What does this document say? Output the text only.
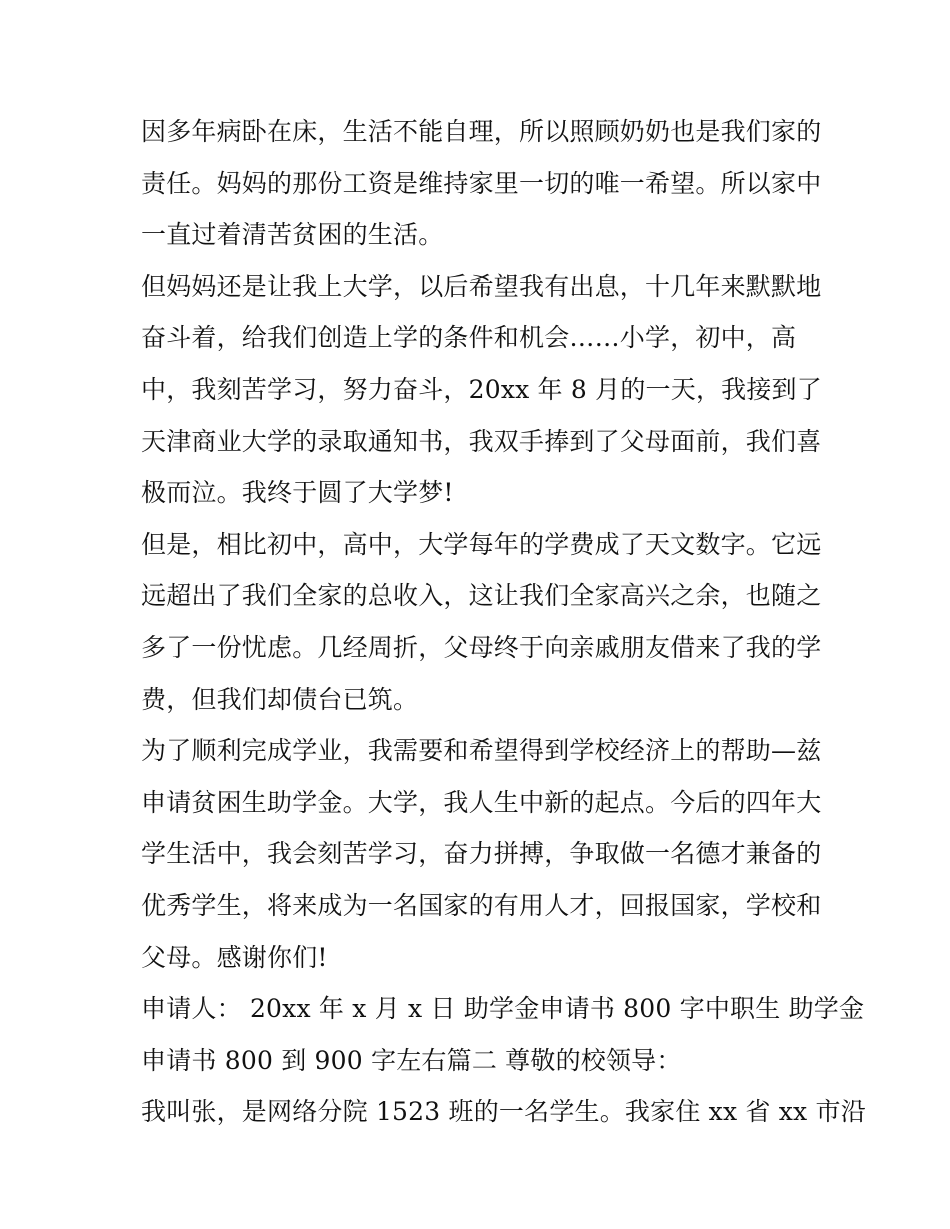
因多年病卧在床，生活不能自理，所以照顾奶奶也是我们家的
责任。妈妈的那份工资是维持家里一切的唯一希望。所以家中
一直过着清苦贫困的生活。
但妈妈还是让我上大学，以后希望我有出息，十几年来默默地
奋斗着，给我们创造上学的条件和机会……小学，初中，高
中，我刻苦学习，努力奋斗，20xx 年 8 月的一天，我接到了
天津商业大学的录取通知书，我双手捧到了父母面前，我们喜
极而泣。我终于圆了大学梦!
但是，相比初中，高中，大学每年的学费成了天文数字。它远
远超出了我们全家的总收入，这让我们全家高兴之余，也随之
多了一份忧虑。几经周折，父母终于向亲戚朋友借来了我的学
费，但我们却债台已筑。
为了顺利完成学业，我需要和希望得到学校经济上的帮助—兹
申请贫困生助学金。大学，我人生中新的起点。今后的四年大
学生活中，我会刻苦学习，奋力拼搏，争取做一名德才兼备的
优秀学生，将来成为一名国家的有用人才，回报国家，学校和
父母。感谢你们!
申请人： 20xx 年 x 月 x 日 助学金申请书 800 字中职生 助学金
申请书 800 到 900 字左右篇二 尊敬的校领导：
我叫张，是网络分院 1523 班的一名学生。我家住 xx 省 xx 市沿
